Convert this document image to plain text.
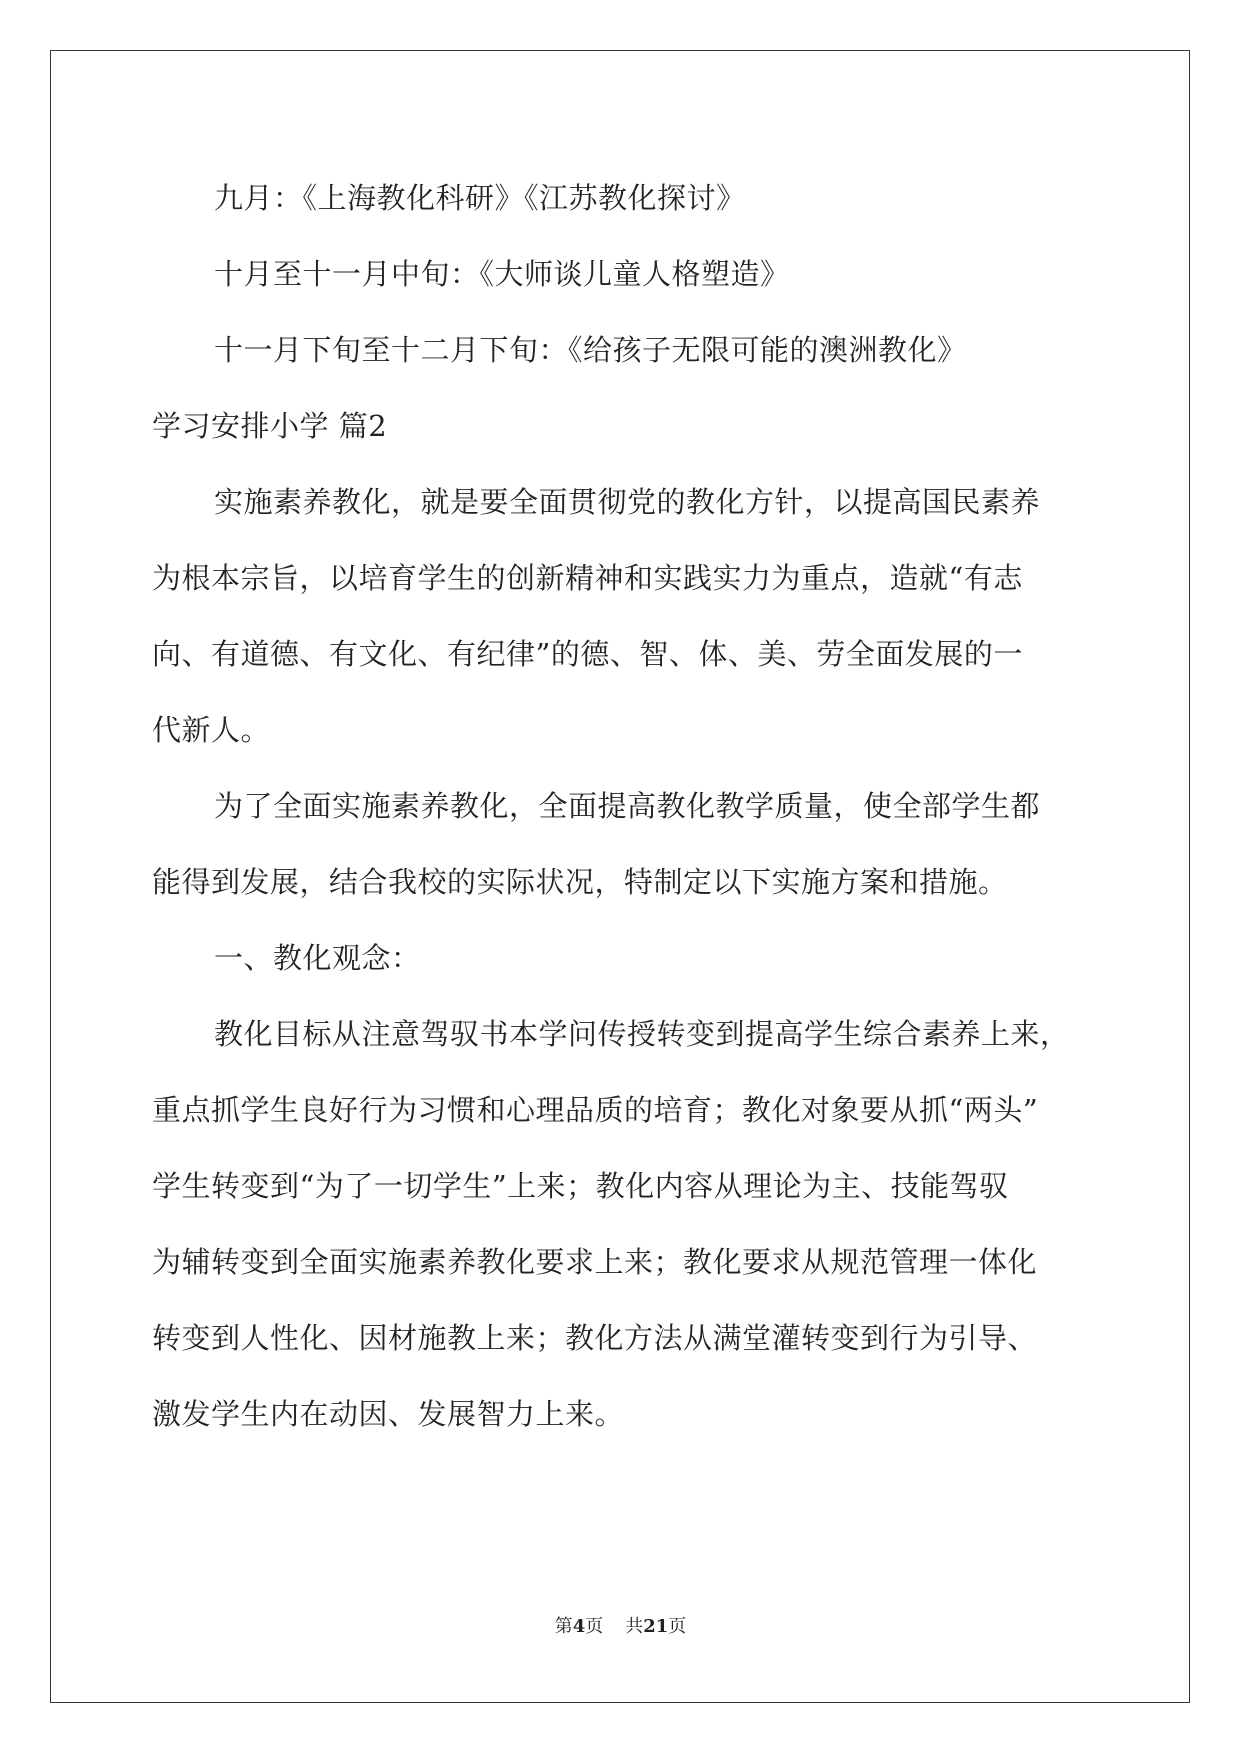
九月：《上海教化科研》《江苏教化探讨》
十月至十一月中旬：《大师谈儿童人格塑造》
十一月下旬至十二月下旬：《给孩子无限可能的澳洲教化》
学习安排小学 篇2
实施素养教化，就是要全面贯彻党的教化方针，以提高国民素养
为根本宗旨，以培育学生的创新精神和实践实力为重点，造就“有志
向、有道德、有文化、有纪律”的德、智、体、美、劳全面发展的一
代新人。
为了全面实施素养教化，全面提高教化教学质量，使全部学生都
能得到发展，结合我校的实际状况，特制定以下实施方案和措施。
一、教化观念：
教化目标从注意驾驭书本学问传授转变到提高学生综合素养上来，
重点抓学生良好行为习惯和心理品质的培育；教化对象要从抓“两头”
学生转变到“为了一切学生”上来；教化内容从理论为主、技能驾驭
为辅转变到全面实施素养教化要求上来；教化要求从规范管理一体化
转变到人性化、因材施教上来；教化方法从满堂灌转变到行为引导、
激发学生内在动因、发展智力上来。
第4页 共21页
